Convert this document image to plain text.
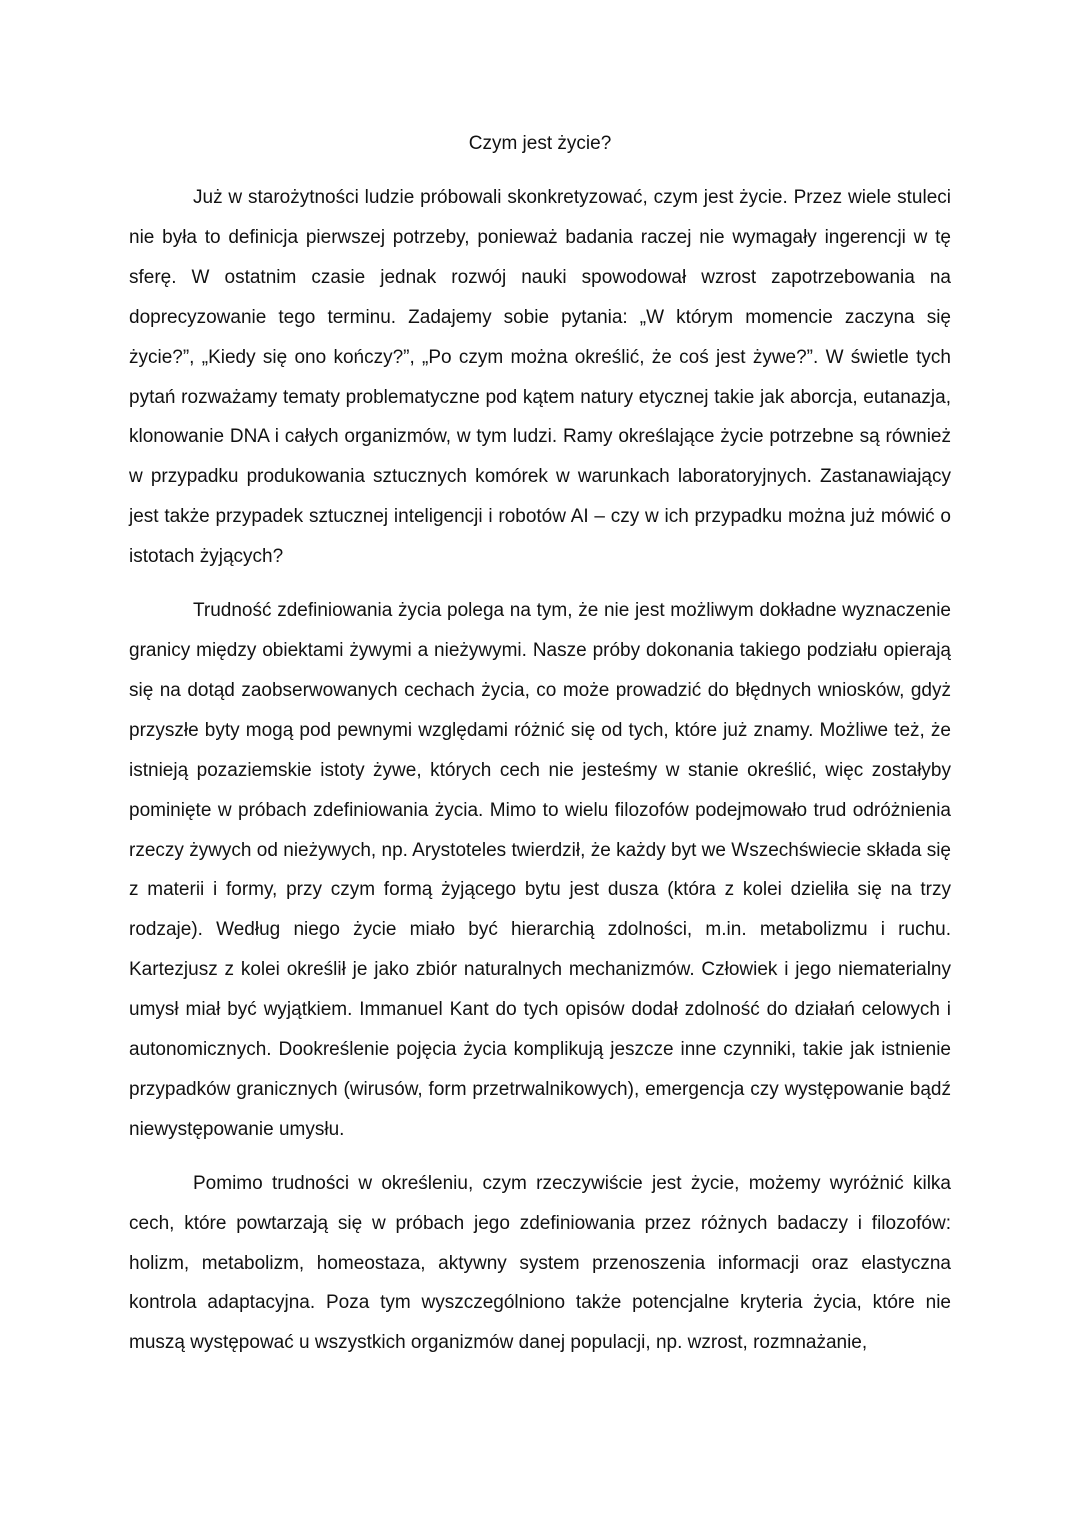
Czym jest życie?

Już w starożytności ludzie próbowali skonkretyzować, czym jest życie. Przez wiele stuleci nie była to definicja pierwszej potrzeby, ponieważ badania raczej nie wymagały ingerencji w tę sferę. W ostatnim czasie jednak rozwój nauki spowodował wzrost zapotrzebowania na doprecyzowanie tego terminu. Zadajemy sobie pytania: „W którym momencie zaczyna się życie?”, „Kiedy się ono kończy?”, „Po czym można określić, że coś jest żywe?”. W świetle tych pytań rozważamy tematy problematyczne pod kątem natury etycznej takie jak aborcja, eutanazja, klonowanie DNA i całych organizmów, w tym ludzi. Ramy określające życie potrzebne są również w przypadku produkowania sztucznych komórek w warunkach laboratoryjnych. Zastanawiający jest także przypadek sztucznej inteligencji i robotów AI – czy w ich przypadku można już mówić o istotach żyjących?

Trudność zdefiniowania życia polega na tym, że nie jest możliwym dokładne wyznaczenie granicy między obiektami żywymi a nieżywymi. Nasze próby dokonania takiego podziału opierają się na dotąd zaobserwowanych cechach życia, co może prowadzić do błędnych wniosków, gdyż przyszłe byty mogą pod pewnymi względami różnić się od tych, które już znamy. Możliwe też, że istnieją pozaziemskie istoty żywe, których cech nie jesteśmy w stanie określić, więc zostałyby pominięte w próbach zdefiniowania życia. Mimo to wielu filozofów podejmowało trud odróżnienia rzeczy żywych od nieżywych, np. Arystoteles twierdził, że każdy byt we Wszechświecie składa się z materii i formy, przy czym formą żyjącego bytu jest dusza (która z kolei dzieliła się na trzy rodzaje). Według niego życie miało być hierarchią zdolności, m.in. metabolizmu i ruchu. Kartezjusz z kolei określił je jako zbiór naturalnych mechanizmów. Człowiek i jego niematerialny umysł miał być wyjątkiem. Immanuel Kant do tych opisów dodał zdolność do działań celowych i autonomicznych. Dookreślenie pojęcia życia komplikują jeszcze inne czynniki, takie jak istnienie przypadków granicznych (wirusów, form przetrwalnikowych), emergencja czy występowanie bądź niewystępowanie umysłu.

Pomimo trudności w określeniu, czym rzeczywiście jest życie, możemy wyróżnić kilka cech, które powtarzają się w próbach jego zdefiniowania przez różnych badaczy i filozofów: holizm, metabolizm, homeostaza, aktywny system przenoszenia informacji oraz elastyczna kontrola adaptacyjna. Poza tym wyszczególniono także potencjalne kryteria życia, które nie muszą występować u wszystkich organizmów danej populacji, np. wzrost, rozmnażanie,
